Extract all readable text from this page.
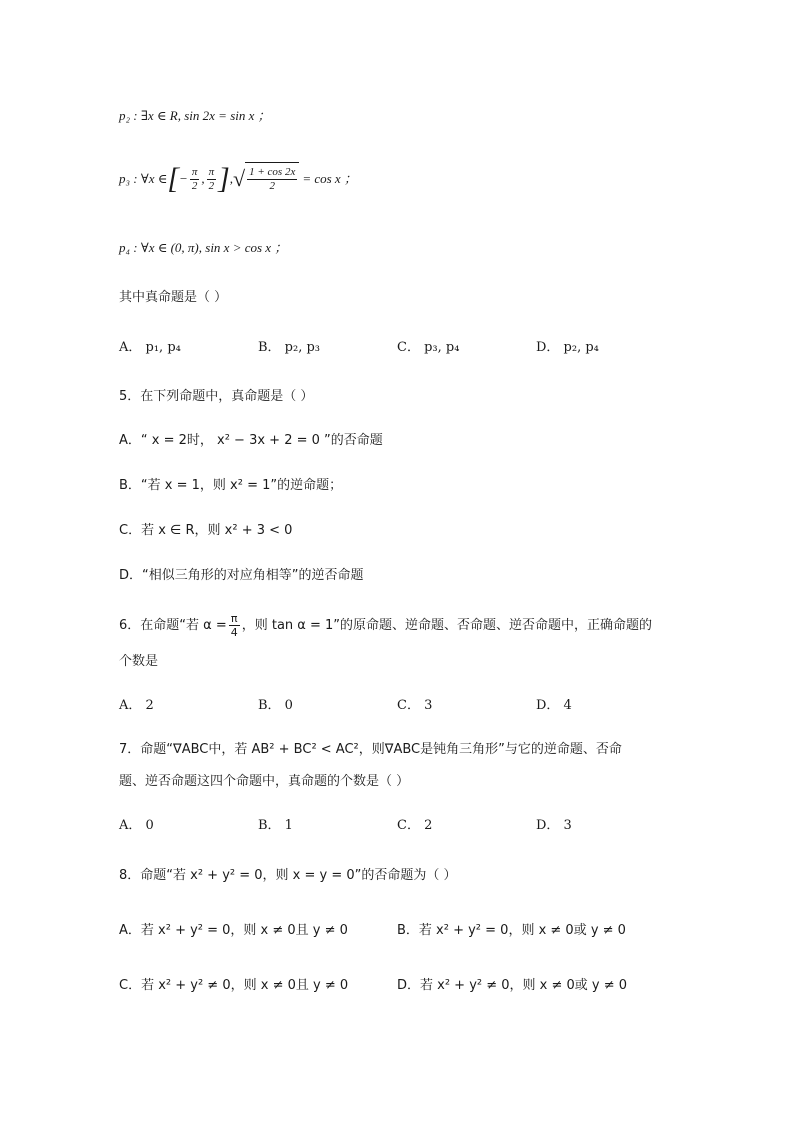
p₂ : ∃x ∈ R, sin 2x = sin x ；
p₃ : ∀x ∈ [ − $\frac{\pi}{2}$ , $\frac{\pi}{2}$ ] , √ $\frac{1 + \cos 2x}{2} = \cos x$ ；
p₄ : ∀x ∈ (0, π), sin x > cos x ；
其中真命题是（ ）
A． p₁, p₄	B． p₂, p₃	C． p₃, p₄	D． p₂, p₄
5．在下列命题中，真命题是（ ）
A．“ x = 2时， x² − 3x + 2 = 0 ”的否命题
B．“若 x = 1，则 x² = 1”的逆命题；
C．若 x ∈ R，则 x² + 3 < 0
D．“相似三角形的对应角相等”的逆否命题
6．在命题“若 $\alpha = \frac{\pi}{4}$ ，则 tan α = 1”的原命题、逆命题、否命题、逆否命题中，正确命题的
个数是
A． 2	B． 0	C． 3	D． 4
7．命题“∇ABC中，若 AB² + BC² < AC²，则∇ABC是钝角三角形”与它的逆命题、否命
题、逆否命题这四个命题中，真命题的个数是（ ）
A． 0	B． 1	C． 2	D． 3
8．命题“若 x² + y² = 0，则 x = y = 0”的否命题为（ ）
A．若 x² + y² = 0，则 x ≠ 0且 y ≠ 0	B．若 x² + y² = 0，则 x ≠ 0或 y ≠ 0
C．若 x² + y² ≠ 0，则 x ≠ 0且 y ≠ 0	D．若 x² + y² ≠ 0，则 x ≠ 0或 y ≠ 0
